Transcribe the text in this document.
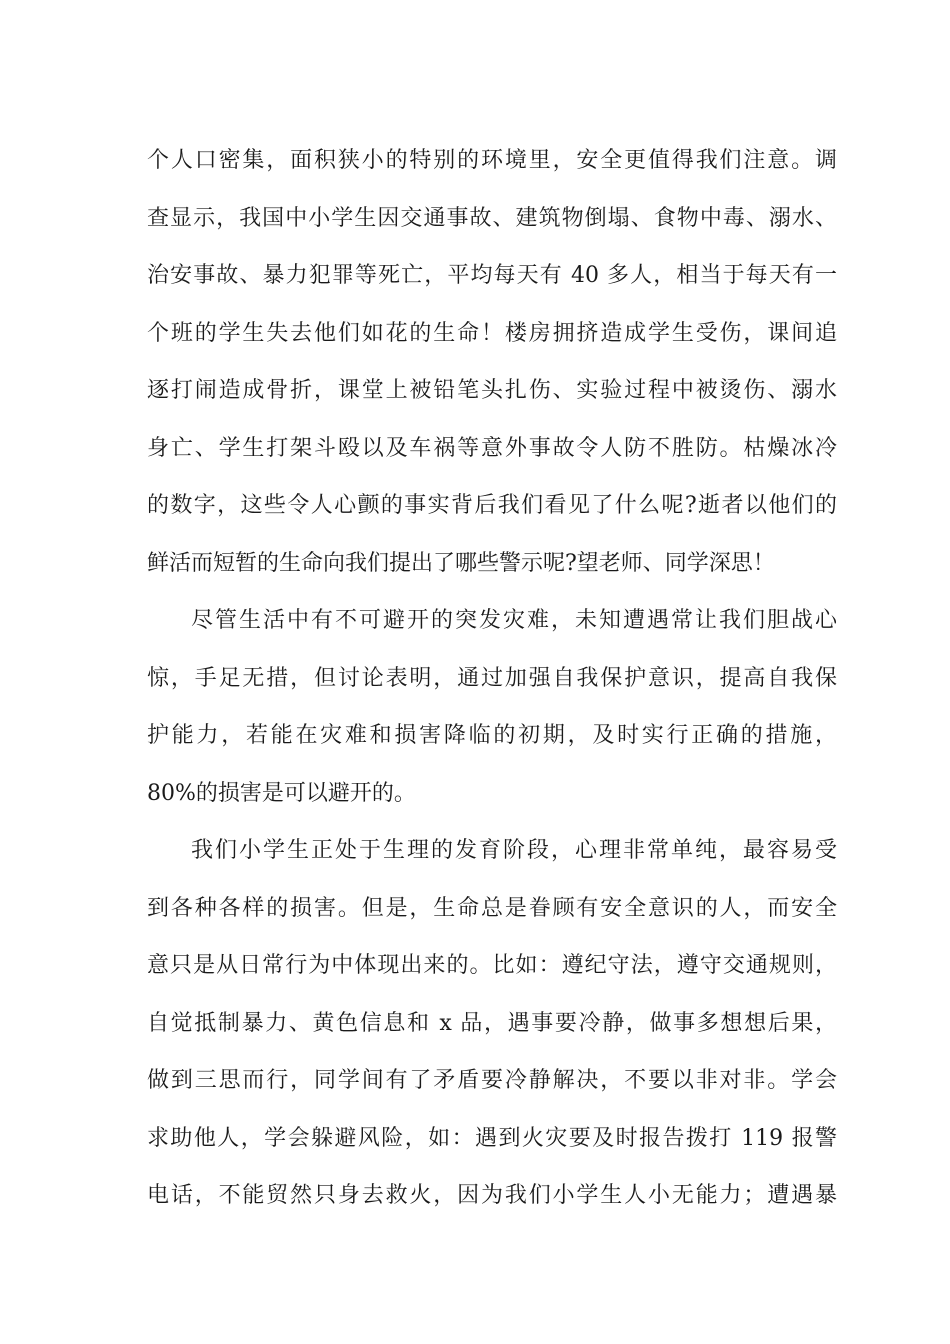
个人口密集，面积狭小的特别的环境里，安全更值得我们注意。调
查显示，我国中小学生因交通事故、建筑物倒塌、食物中毒、溺水、
治安事故、暴力犯罪等死亡，平均每天有 40 多人，相当于每天有一
个班的学生失去他们如花的生命！楼房拥挤造成学生受伤，课间追
逐打闹造成骨折，课堂上被铅笔头扎伤、实验过程中被烫伤、溺水
身亡、学生打架斗殴以及车祸等意外事故令人防不胜防。枯燥冰冷
的数字，这些令人心颤的事实背后我们看见了什么呢?逝者以他们的
鲜活而短暂的生命向我们提出了哪些警示呢?望老师、同学深思！
尽管生活中有不可避开的突发灾难，未知遭遇常让我们胆战心
惊，手足无措，但讨论表明，通过加强自我保护意识，提高自我保
护能力，若能在灾难和损害降临的初期，及时实行正确的措施，
80%的损害是可以避开的。
我们小学生正处于生理的发育阶段，心理非常单纯，最容易受
到各种各样的损害。但是，生命总是眷顾有安全意识的人，而安全
意只是从日常行为中体现出来的。比如：遵纪守法，遵守交通规则，
自觉抵制暴力、黄色信息和 x 品，遇事要冷静，做事多想想后果，
做到三思而行，同学间有了矛盾要冷静解决，不要以非对非。学会
求助他人，学会躲避风险，如：遇到火灾要及时报告拨打 119 报警
电话，不能贸然只身去救火，因为我们小学生人小无能力；遭遇暴
